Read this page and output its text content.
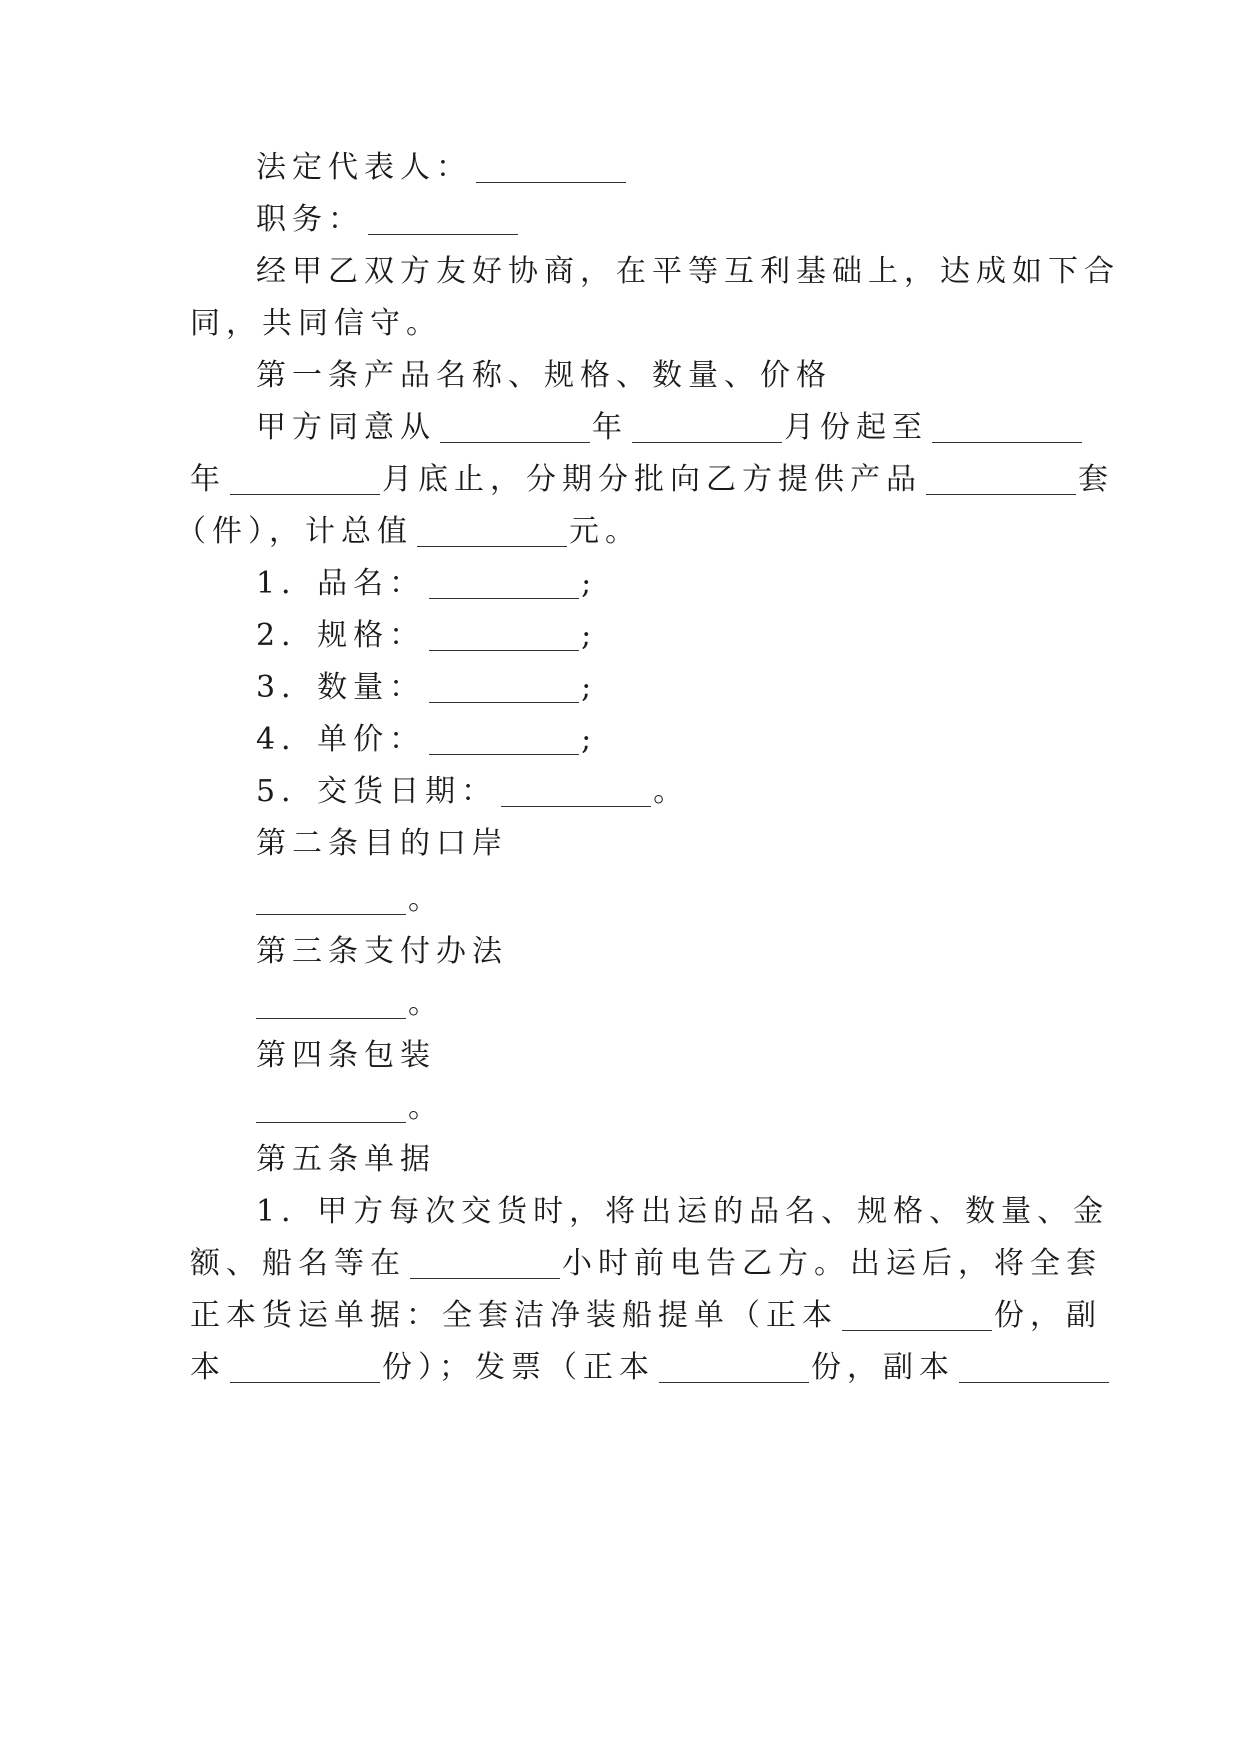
法定代表人：
职务：
经甲乙双方友好协商，在平等互利基础上，达成如下合
同，共同信守。
第一条产品名称、规格、数量、价格
甲方同意从	年	月份起至
年	月底止，分期分批向乙方提供产品	套
（件），计总值	元。
1．品名：	;
2．规格：	;
3．数量：	;
4．单价：	;
5．交货日期：	。
第二条目的口岸
。
第三条支付办法
。
第四条包装
。
第五条单据
1．甲方每次交货时，将出运的品名、规格、数量、金
额、船名等在	小时前电告乙方。出运后，将全套
正本货运单据：全套洁净装船提单（正本	份，副
本	份）；发票（正本	份，副本
